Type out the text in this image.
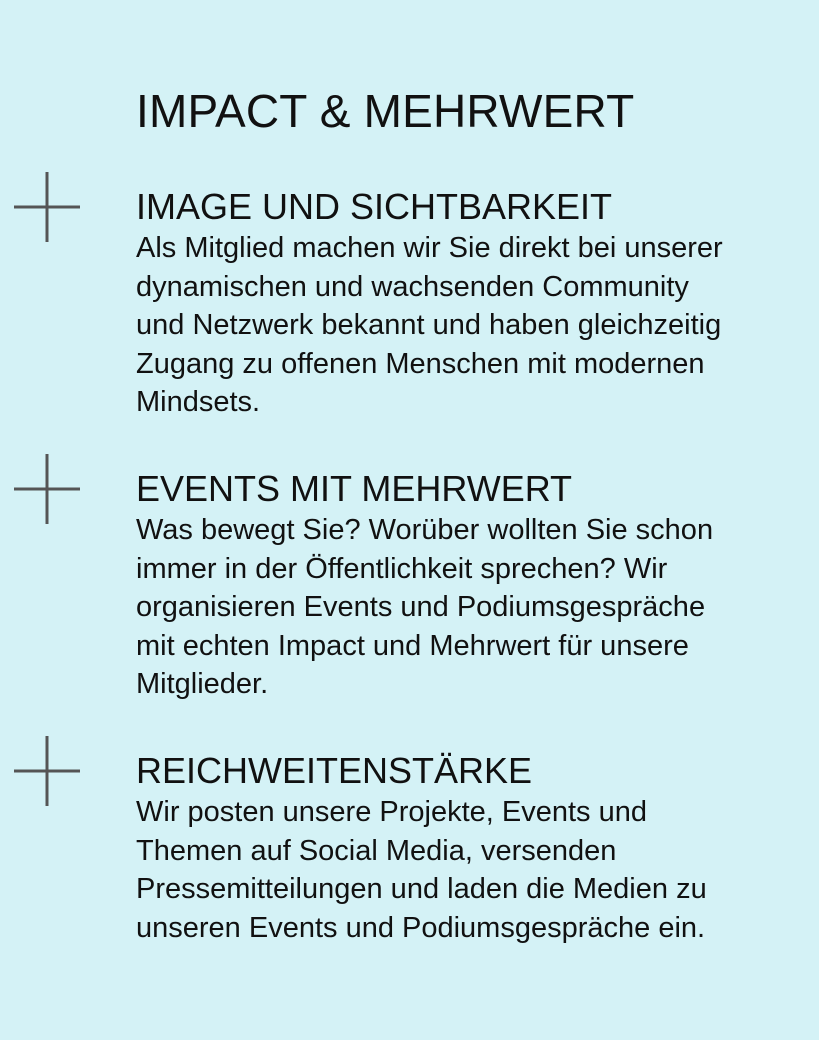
IMPACT & MEHRWERT
IMAGE UND SICHTBARKEIT

Als Mitglied machen wir Sie direkt bei unserer
dynamischen und wachsenden Community
und Netzwerk bekannt und haben gleichzeitig
Zugang zu offenen Menschen mit modernen
Mindsets.

EVENTS MIT MEHRWERT

Was bewegt Sie? Worüber wollten Sie schon
immer in der Öffentlichkeit sprechen? Wir
organisieren Events und Podiumsgespräche
mit echten Impact und Mehrwert für unsere
Mitglieder.

REICHWEITENSTÄRKE

Wir posten unsere Projekte, Events und
Themen auf Social Media, versenden
Pressemitteilungen und laden die Medien zu
unseren Events und Podiumsgespräche ein.
